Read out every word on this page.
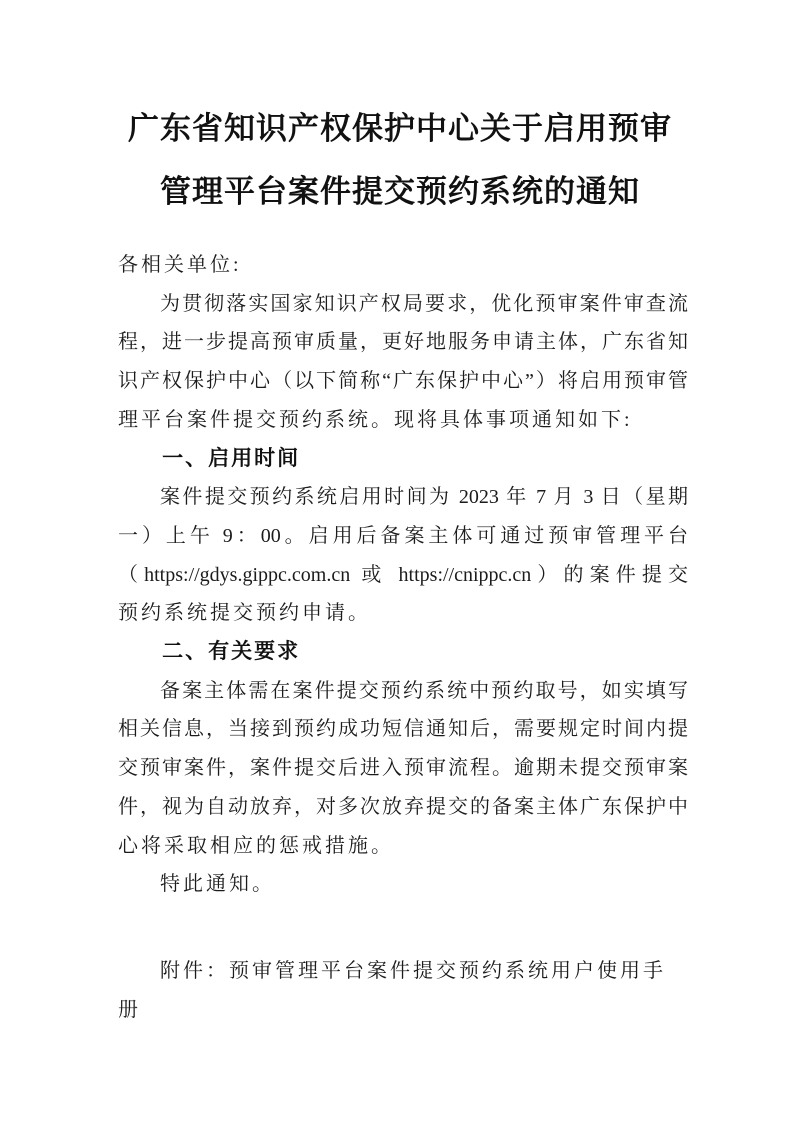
广东省知识产权保护中心关于启用预审
管理平台案件提交预约系统的通知
各相关单位:
为贯彻落实国家知识产权局要求，优化预审案件审查流
程，进一步提高预审质量，更好地服务申请主体，广东省知
识产权保护中心（以下简称“广东保护中心”）将启用预审管
理平台案件提交预约系统。现将具体事项通知如下:
一、启用时间
案件提交预约系统启用时间为 2023 年 7 月 3 日（星期
一）上午 9：00。启用后备案主体可通过预审管理平台
（https://gdys.gippc.com.cn 或 https://cnippc.cn）的案件提交
预约系统提交预约申请。
二、有关要求
备案主体需在案件提交预约系统中预约取号，如实填写
相关信息，当接到预约成功短信通知后，需要规定时间内提
交预审案件，案件提交后进入预审流程。逾期未提交预审案
件，视为自动放弃，对多次放弃提交的备案主体广东保护中
心将采取相应的惩戒措施。
特此通知。
附件：预审管理平台案件提交预约系统用户使用手册
